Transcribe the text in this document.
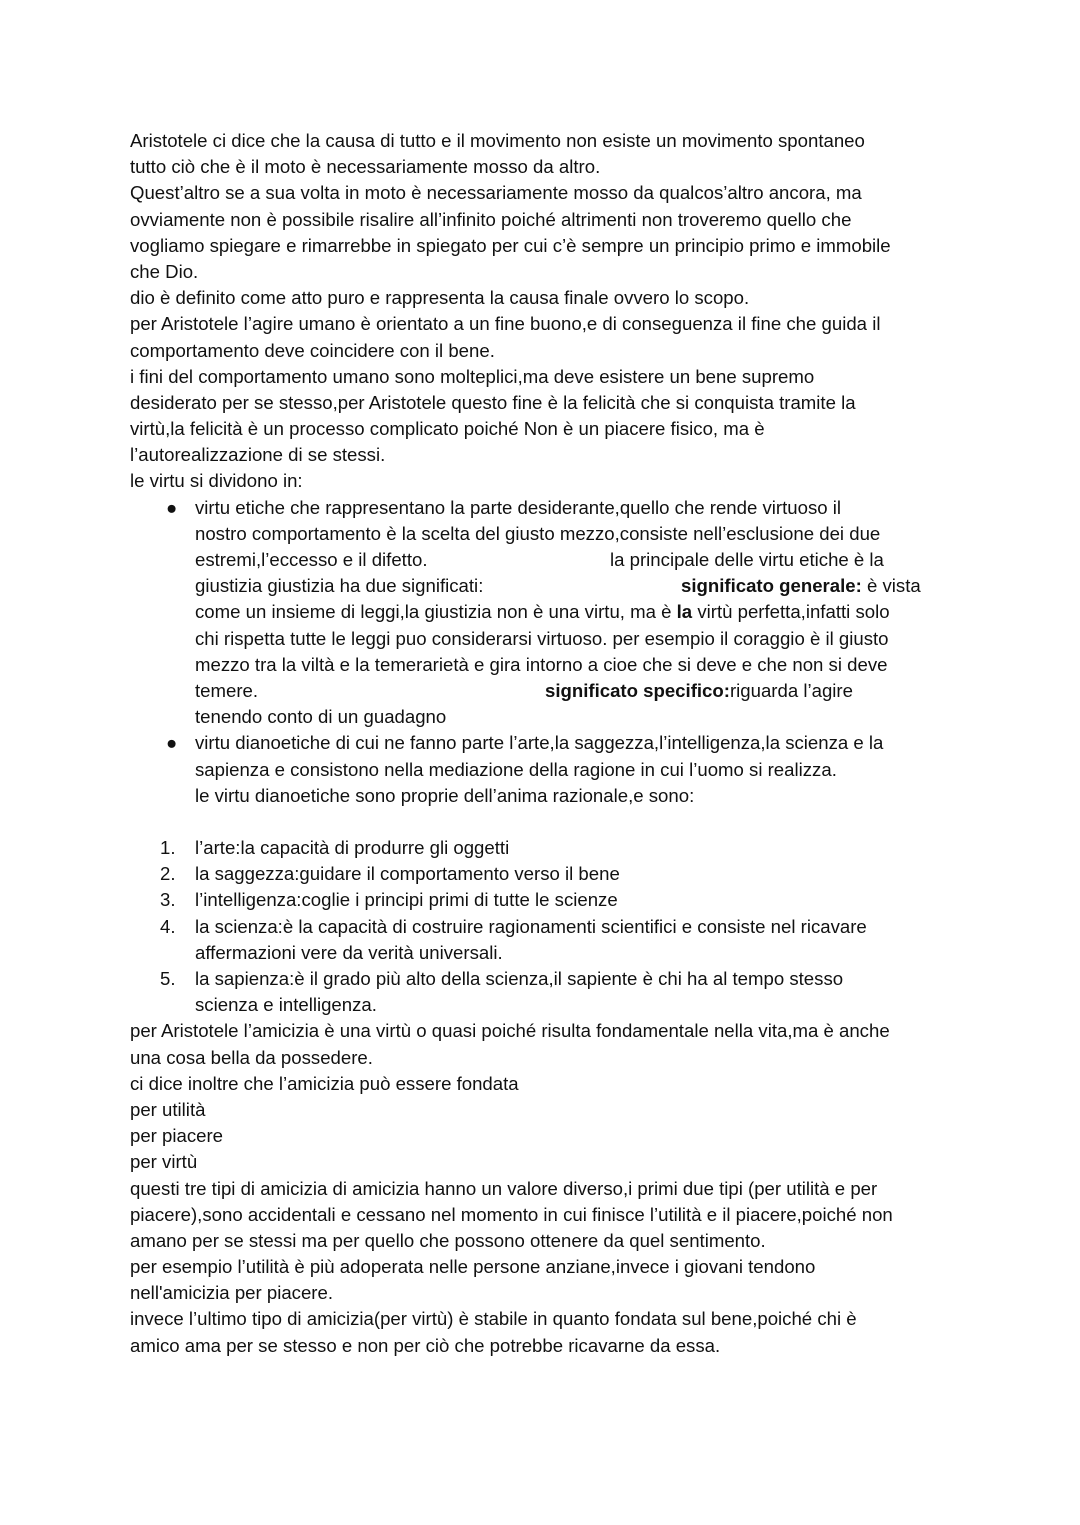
Aristotele ci dice che la causa di tutto e il movimento non esiste un movimento spontaneo
tutto ciò che è il moto è necessariamente mosso da altro.
Quest’altro se a sua volta in moto è necessariamente mosso da qualcos’altro ancora, ma
ovviamente non è possibile risalire all’infinito poiché altrimenti non troveremo quello che
vogliamo spiegare e rimarrebbe in spiegato per cui c’è sempre un principio primo e immobile
che Dio.
dio è definito come atto puro e rappresenta la causa finale ovvero lo scopo.
per Aristotele l’agire umano è orientato a un fine buono,e di conseguenza il fine che guida il
comportamento deve coincidere con il bene.
i fini del comportamento umano sono molteplici,ma deve esistere un bene supremo
desiderato per se stesso,per Aristotele questo fine è la felicità che si conquista tramite la
virtù,la felicità è un processo complicato poiché Non è un piacere fisico, ma è
l’autorealizzazione di se stessi.
le virtu si dividono in:
● virtu etiche che rappresentano la parte desiderante,quello che rende virtuoso il
nostro comportamento è la scelta del giusto mezzo,consiste nell’esclusione dei due
estremi,l’eccesso e il difetto.	la principale delle virtu etiche è la
giustizia giustizia ha due significati:	significato generale: è vista
come un insieme di leggi,la giustizia non è una virtu, ma è la virtù perfetta,infatti solo
chi rispetta tutte le leggi puo considerarsi virtuoso. per esempio il coraggio è il giusto
mezzo tra la viltà e la temerarietà e gira intorno a cioe che si deve e che non si deve
temere.	significato specifico:riguarda l’agire
tenendo conto di un guadagno
● virtu dianoetiche di cui ne fanno parte l’arte,la saggezza,l’intelligenza,la scienza e la
sapienza e consistono nella mediazione della ragione in cui l’uomo si realizza.
le virtu dianoetiche sono proprie dell’anima razionale,e sono:
1. l’arte:la capacità di produrre gli oggetti
2. la saggezza:guidare il comportamento verso il bene
3. l’intelligenza:coglie i principi primi di tutte le scienze
4. la scienza:è la capacità di costruire ragionamenti scientifici e consiste nel ricavare
affermazioni vere da verità universali.
5. la sapienza:è il grado più alto della scienza,il sapiente è chi ha al tempo stesso
scienza e intelligenza.
per Aristotele l’amicizia è una virtù o quasi poiché risulta fondamentale nella vita,ma è anche
una cosa bella da possedere.
ci dice inoltre che l’amicizia può essere fondata
per utilità
per piacere
per virtù
questi tre tipi di amicizia di amicizia hanno un valore diverso,i primi due tipi (per utilità e per
piacere),sono accidentali e cessano nel momento in cui finisce l’utilità e il piacere,poiché non
amano per se stessi ma per quello che possono ottenere da quel sentimento.
per esempio l’utilità è più adoperata nelle persone anziane,invece i giovani tendono
nell'amicizia per piacere.
invece l’ultimo tipo di amicizia(per virtù) è stabile in quanto fondata sul bene,poiché chi è
amico ama per se stesso e non per ciò che potrebbe ricavarne da essa.
